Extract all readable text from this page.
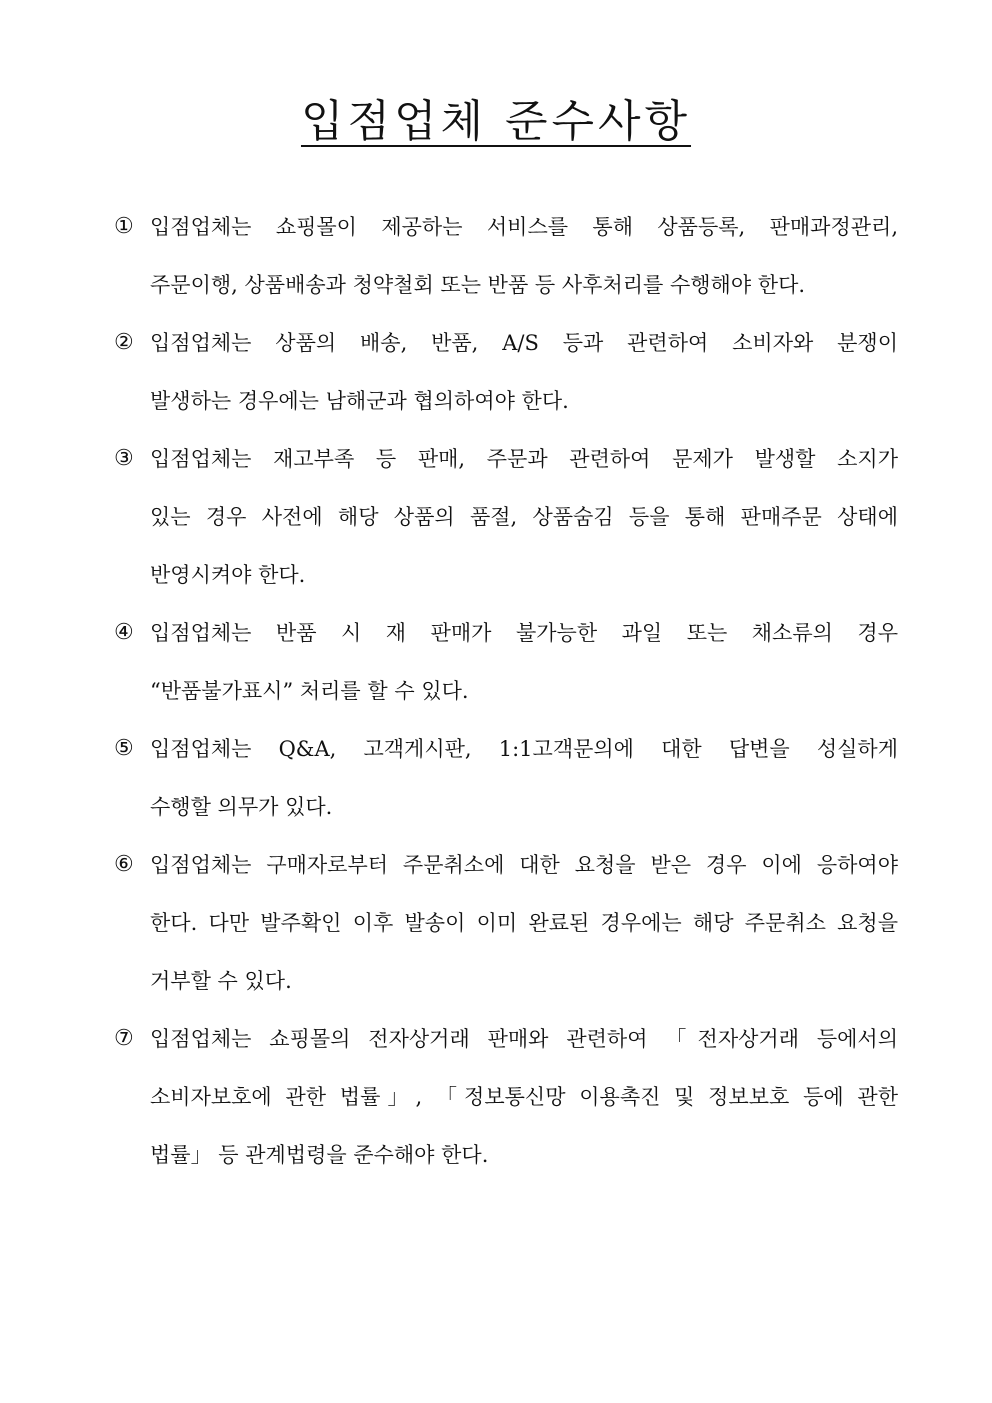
입점업체 준수사항
① 입점업체는 쇼핑몰이 제공하는 서비스를 통해 상품등록, 판매과정관리,
주문이행, 상품배송과 청약철회 또는 반품 등 사후처리를 수행해야 한다.
② 입점업체는 상품의 배송, 반품, A/S 등과 관련하여 소비자와 분쟁이
발생하는 경우에는 남해군과 협의하여야 한다.
③ 입점업체는 재고부족 등 판매, 주문과 관련하여 문제가 발생할 소지가
있는 경우 사전에 해당 상품의 품절, 상품숨김 등을 통해 판매주문 상태에
반영시켜야 한다.
④ 입점업체는 반품 시 재 판매가 불가능한 과일 또는 채소류의 경우
“반품불가표시” 처리를 할 수 있다.
⑤ 입점업체는 Q&A, 고객게시판, 1:1고객문의에 대한 답변을 성실하게
수행할 의무가 있다.
⑥ 입점업체는 구매자로부터 주문취소에 대한 요청을 받은 경우 이에 응하여야
한다. 다만 발주확인 이후 발송이 이미 완료된 경우에는 해당 주문취소 요청을
거부할 수 있다.
⑦ 입점업체는 쇼핑몰의 전자상거래 판매와 관련하여 「전자상거래 등에서의
소비자보호에 관한 법률」, 「정보통신망 이용촉진 및 정보보호 등에 관한
법률」 등 관계법령을 준수해야 한다.
